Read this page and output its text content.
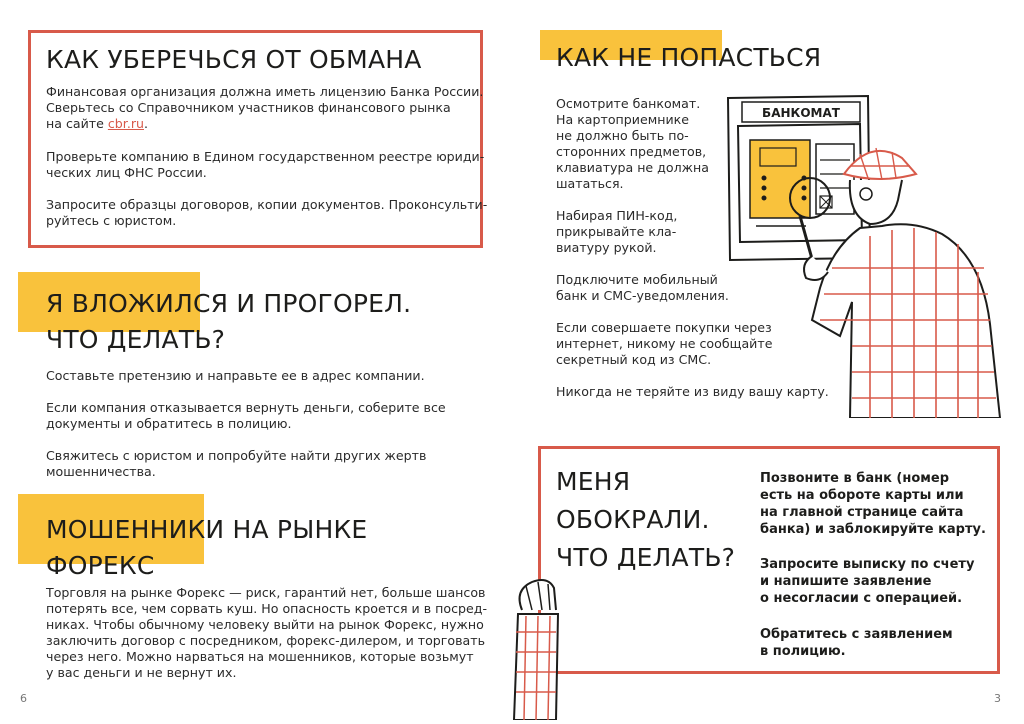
КАК УБЕРЕЧЬСЯ ОТ ОБМАНА

Финансовая организация должна иметь лицензию Банка России.
Сверьтесь со Справочником участников финансового рынка
на сайте cbr.ru.

Проверьте компанию в Едином государственном реестре юриди-
ческих лиц ФНС России.

Запросите образцы договоров, копии документов. Проконсульти-
руйтесь с юристом.

Я ВЛОЖИЛСЯ И ПРОГОРЕЛ.
ЧТО ДЕЛАТЬ?

Составьте претензию и направьте ее в адрес компании.

Если компания отказывается вернуть деньги, соберите все
документы и обратитесь в полицию.

Свяжитесь с юристом и попробуйте найти других жертв
мошенничества.

МОШЕННИКИ НА РЫНКЕ
ФОРЕКС

Торговля на рынке Форекс — риск, гарантий нет, больше шансов
потерять все, чем сорвать куш. Но опасность кроется и в посред-
никах. Чтобы обычному человеку выйти на рынок Форекс, нужно
заключить договор с посредником, форекс-дилером, и торговать
через него. Можно нарваться на мошенников, которые возьмут
у вас деньги и не вернут их.

6
КАК НЕ ПОПАСТЬСЯ

Осмотрите банкомат.
На картоприемнике
не должно быть по-
сторонних предметов,
клавиатура не должна
шататься.

Набирая ПИН-код,
прикрывайте кла-
виатуру рукой.

Подключите мобильный
банк и СМС-уведомления.

Если совершаете покупки через
интернет, никому не сообщайте
секретный код из СМС.

Никогда не теряйте из виду вашу карту.

БАНКОМАТ
МЕНЯ
ОБОКРАЛИ.
ЧТО ДЕЛАТЬ?

Позвоните в банк (номер
есть на обороте карты или
на главной странице сайта
банка) и заблокируйте карту.

Запросите выписку по счету
и напишите заявление
о несогласии с операцией.

Обратитесь с заявлением
в полицию.

3
